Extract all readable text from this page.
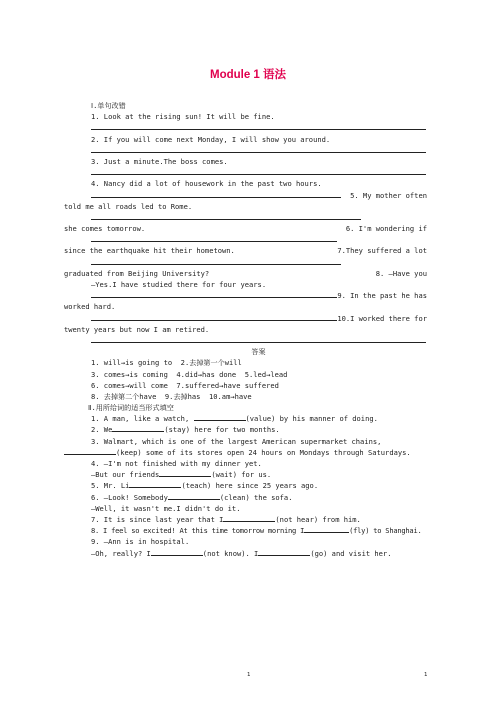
Module 1 语法
Ⅰ.单句改错
1. Look at the rising sun! It will be fine.
2. If you will come next Monday, I will show you around.
3. Just a minute.The boss comes.
4. Nancy did a lot of housework in the past two hours.
5. My mother often
told me all roads led to Rome.
6. I'm wondering if
she comes tomorrow.
7.They suffered a lot
since the earthquake hit their hometown.
8. —Have you
graduated from Beijing University?
—Yes.I have studied there for four years.
9. In the past he has
worked hard.
10.I worked there for
twenty years but now I am retired.
答案
1. will→is going to  2.去掉第一个will
3. comes→is coming  4.did→has done  5.led→lead
6. comes→will come  7.suffered→have suffered
8. 去掉第二个have  9.去掉has  10.am→have
Ⅱ.用所给词的适当形式填空
1. A man, like a watch,	(value) by his manner of doing.
2. We	(stay) here for two months.
3. Walmart, which is one of the largest American supermarket chains,
(keep) some of its stores open 24 hours on Mondays through Saturdays.
4. —I'm not finished with my dinner yet.
—But our friends	(wait) for us.
5. Mr. Li	(teach) here since 25 years ago.
6. —Look! Somebody	(clean) the sofa.
—Well, it wasn't me.I didn't do it.
7. It is since last year that I	(not hear) from him.
8. I feel so excited! At this time tomorrow morning I	(fly) to Shanghai.
9. —Ann is in hospital.
—Oh, really? I	(not know). I	(go) and visit her.
1	1
